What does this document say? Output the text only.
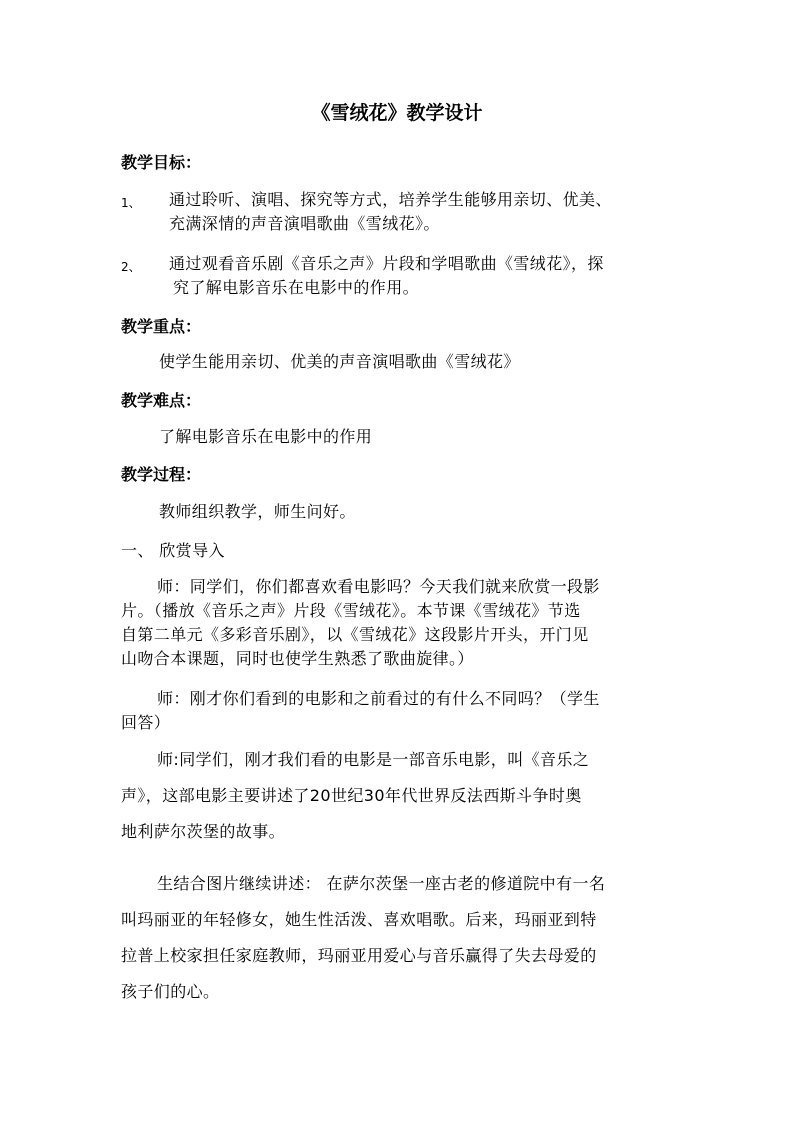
《雪绒花》教学设计
教学目标：
1、 通过聆听、演唱、探究等方式，培养学生能够用亲切、优美、
充满深情的声音演唱歌曲《雪绒花》。
2、 通过观看音乐剧《音乐之声》片段和学唱歌曲《雪绒花》，探
究了解电影音乐在电影中的作用。
教学重点：
使学生能用亲切、优美的声音演唱歌曲《雪绒花》
教学难点：
了解电影音乐在电影中的作用
教学过程：
教师组织教学，师生问好。
一、 欣赏导入
师：同学们，你们都喜欢看电影吗？今天我们就来欣赏一段影
片。（播放《音乐之声》片段《雪绒花》。本节课《雪绒花》节选
自第二单元《多彩音乐剧》，以《雪绒花》这段影片开头，开门见
山吻合本课题，同时也使学生熟悉了歌曲旋律。）
师：刚才你们看到的电影和之前看过的有什么不同吗？（学生
回答）
师:同学们，刚才我们看的电影是一部音乐电影，叫《音乐之
声》，这部电影主要讲述了20世纪30年代世界反法西斯斗争时奥
地利萨尔茨堡的故事。
生结合图片继续讲述： 在萨尔茨堡一座古老的修道院中有一名
叫玛丽亚的年轻修女，她生性活泼、喜欢唱歌。后来，玛丽亚到特
拉普上校家担任家庭教师，玛丽亚用爱心与音乐赢得了失去母爱的
孩子们的心。
